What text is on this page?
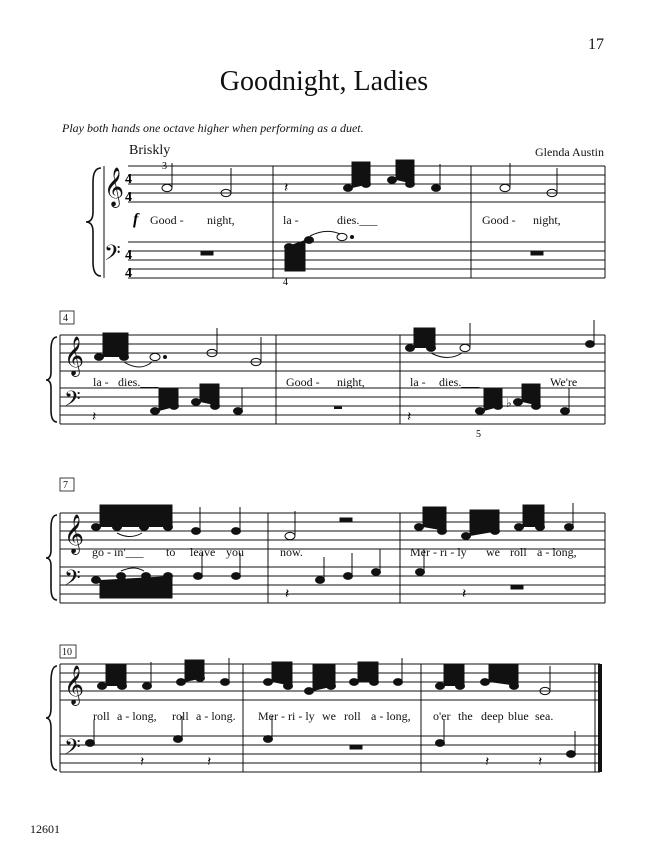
17
Goodnight, Ladies
Play both hands one octave higher when performing as a duet.
Briskly	Glenda Austin
𝄞
𝄞
𝄞
𝄞
𝄢
𝄢
𝄢
𝄢
4
4
4
4
𝄽
▬	♭
𝄽	𝄽
𝄽	𝄽
𝄽	𝄽	𝄽	𝄽
f
3
4
5
4
7
10
Good - night,	la -	dies.___	Good - night,
la - dies.___	Good - night,	la - dies.___	We're
go - in'___ to leave you	now.	Mer - ri - ly we roll a - long,
roll a - long, roll a - long. Mer - ri - ly we roll a - long, o'er the deep blue sea.
12601
